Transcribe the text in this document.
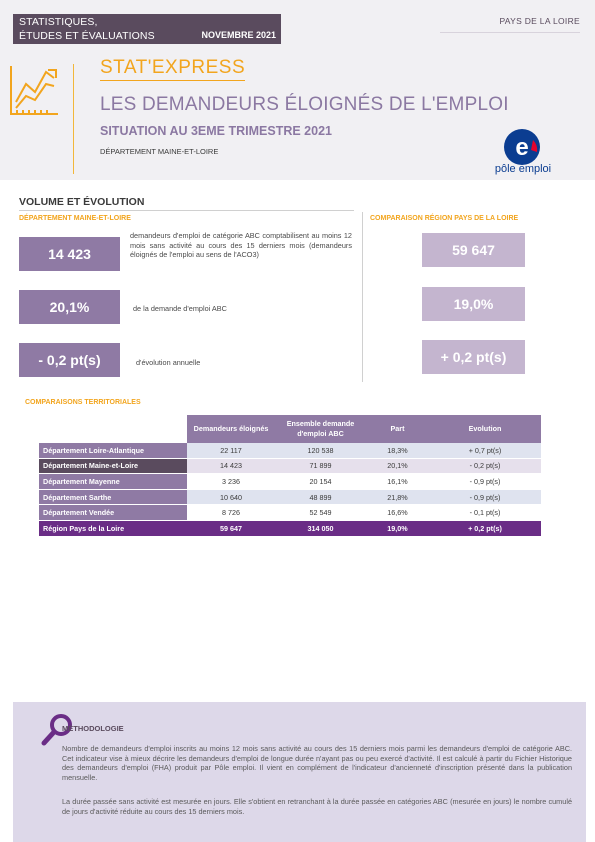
STATISTIQUES,
ÉTUDES ET ÉVALUATIONS	NOVEMBRE 2021
PAYS DE LA LOIRE
STAT'EXPRESS
LES DEMANDEURS ÉLOIGNÉS DE L'EMPLOI
SITUATION AU 3EME TRIMESTRE 2021
DÉPARTEMENT MAINE-ET-LOIRE	e
pôle emploi
VOLUME ET ÉVOLUTION
DÉPARTEMENT MAINE-ET-LOIRE	COMPARAISON RÉGION PAYS DE LA LOIRE
14 423
demandeurs d'emploi de catégorie ABC comptabilisent au moins 12 mois sans activité au cours des 15 derniers mois (demandeurs éloignés de l'emploi au sens de l'ACO3)
20,1%	de la demande d'emploi ABC
- 0,2 pt(s)	d'évolution annuelle
59 647
19,0%
+ 0,2 pt(s)
COMPARAISONS TERRITORIALES
	Demandeurs éloignés	Ensemble demande d'emploi ABC	Part	Evolution
Département Loire-Atlantique	22 117	120 538	18,3%	+ 0,7 pt(s)
Département Maine-et-Loire	14 423	71 899	20,1%	- 0,2 pt(s)
Département Mayenne	3 236	20 154	16,1%	- 0,9 pt(s)
Département Sarthe	10 640	48 899	21,8%	- 0,9 pt(s)
Département Vendée	8 726	52 549	16,6%	- 0,1 pt(s)
Région Pays de la Loire	59 647	314 050	19,0%	+ 0,2 pt(s)
MÉTHODOLOGIE
Nombre de demandeurs d'emploi inscrits au moins 12 mois sans activité au cours des 15 derniers mois parmi les demandeurs d'emploi de catégorie ABC. Cet indicateur vise à mieux décrire les demandeurs d'emploi de longue durée n'ayant pas ou peu exercé d'activité. Il est calculé à partir du Fichier Historique des demandeurs d'emploi (FHA) produit par Pôle emploi. Il vient en complément de l'indicateur d'ancienneté d'inscription présenté dans la publication mensuelle.
La durée passée sans activité est mesurée en jours. Elle s'obtient en retranchant à la durée passée en catégories ABC (mesurée en jours) le nombre cumulé de jours d'activité réduite au cours des 15 derniers mois.
